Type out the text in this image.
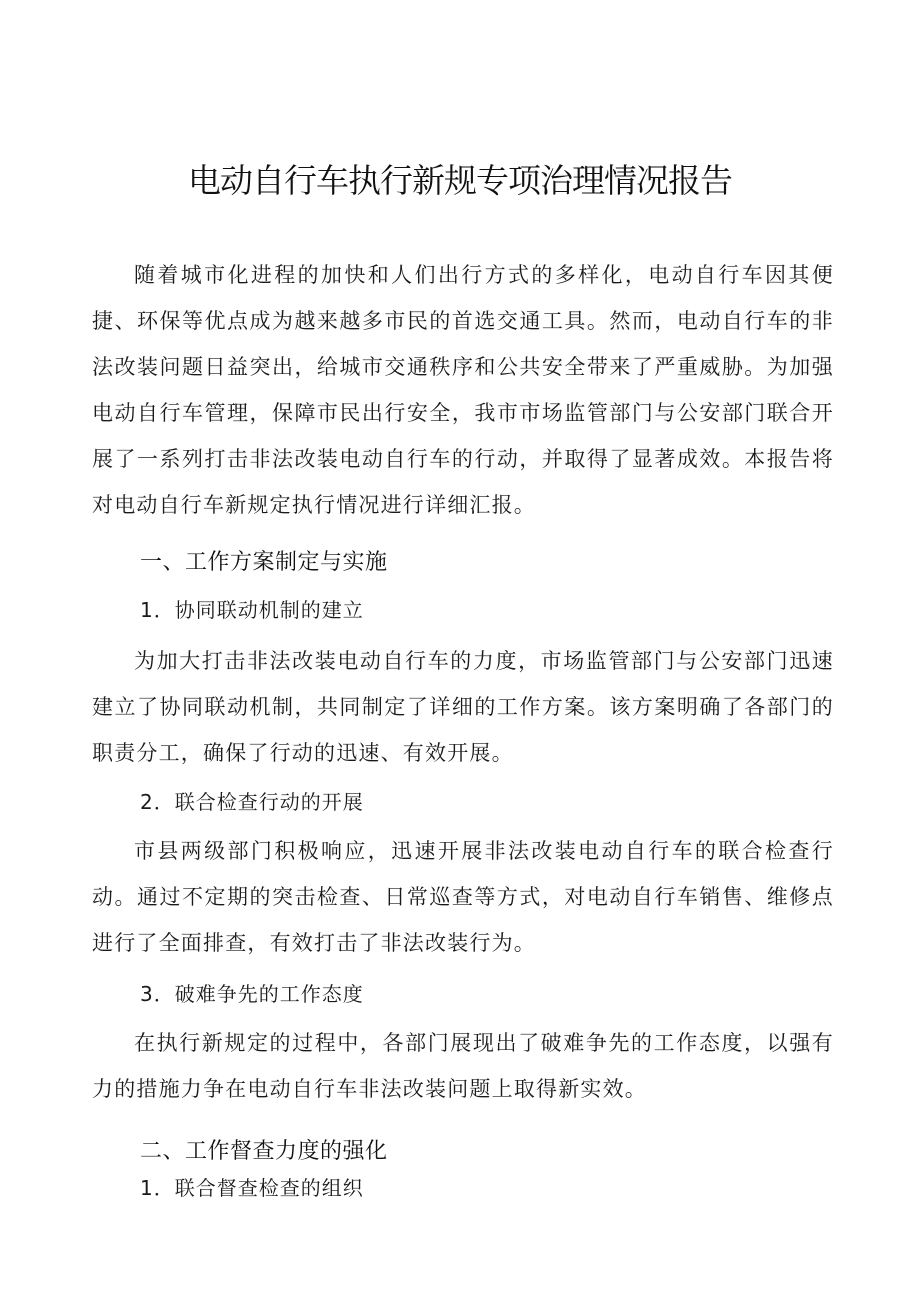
电动自行车执行新规专项治理情况报告

随着城市化进程的加快和人们出行方式的多样化，电动自行车因其便捷、环保等优点成为越来越多市民的首选交通工具。然而，电动自行车的非法改装问题日益突出，给城市交通秩序和公共安全带来了严重威胁。为加强电动自行车管理，保障市民出行安全，我市市场监管部门与公安部门联合开展了一系列打击非法改装电动自行车的行动，并取得了显著成效。本报告将对电动自行车新规定执行情况进行详细汇报。

一、工作方案制定与实施
1．协同联动机制的建立

为加大打击非法改装电动自行车的力度，市场监管部门与公安部门迅速建立了协同联动机制，共同制定了详细的工作方案。该方案明确了各部门的职责分工，确保了行动的迅速、有效开展。

2．联合检查行动的开展

市县两级部门积极响应，迅速开展非法改装电动自行车的联合检查行动。通过不定期的突击检查、日常巡查等方式，对电动自行车销售、维修点进行了全面排查，有效打击了非法改装行为。

3．破难争先的工作态度

在执行新规定的过程中，各部门展现出了破难争先的工作态度，以强有力的措施力争在电动自行车非法改装问题上取得新实效。

二、工作督查力度的强化
1．联合督查检查的组织
